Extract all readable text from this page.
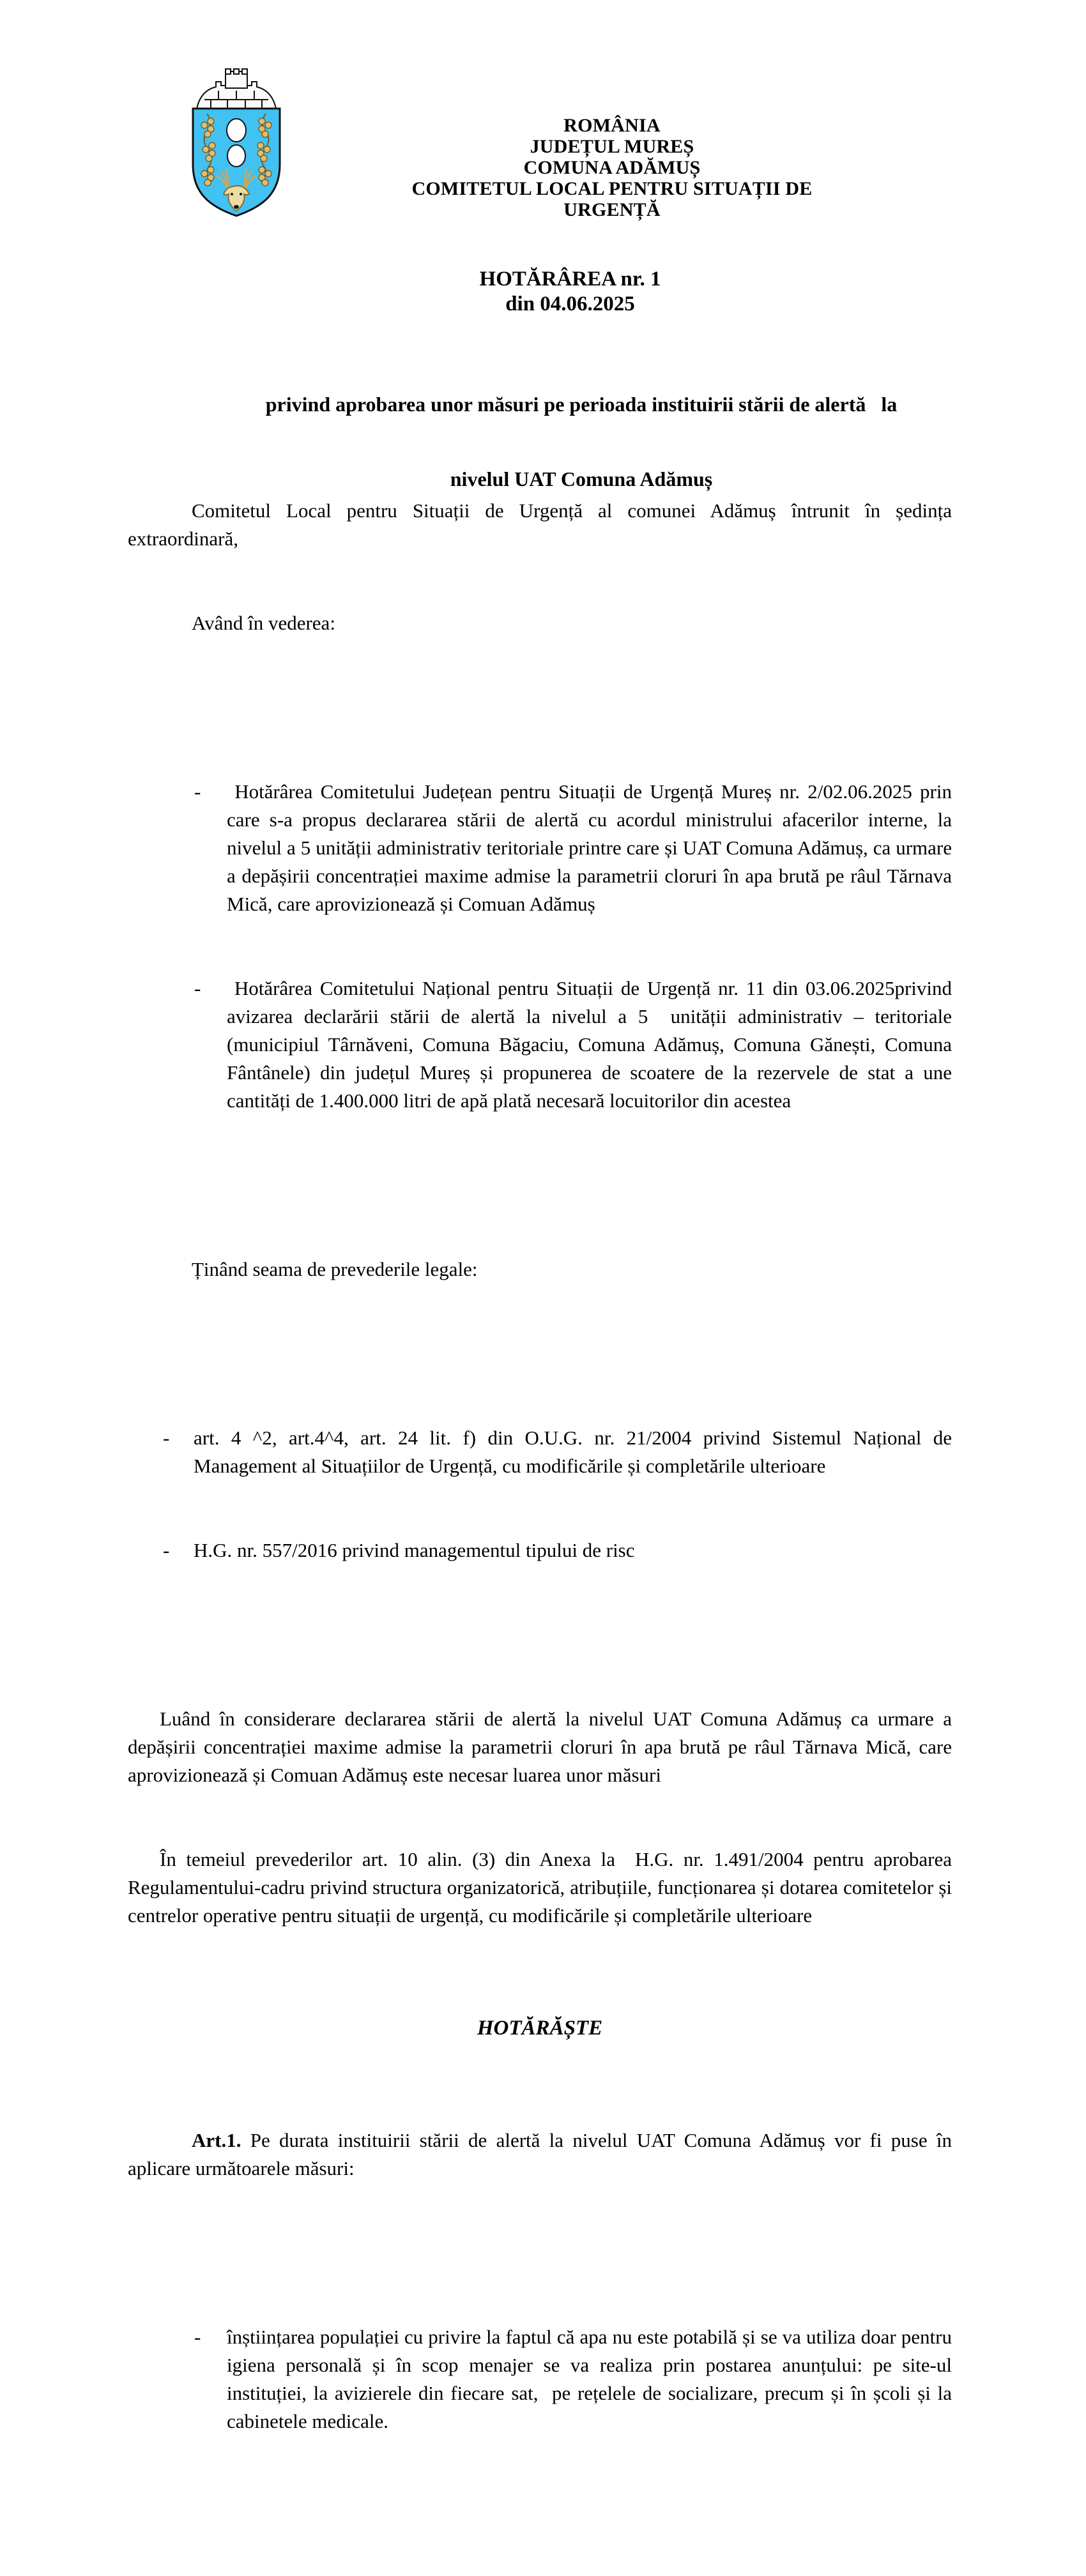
ROMÂNIA
JUDEȚUL MUREȘ
COMUNA ADĂMUȘ
COMITETUL LOCAL PENTRU SITUAȚII DE
URGENȚĂ
HOTĂRÂREA nr. 1
din 04.06.2025

privind aprobarea unor măsuri pe perioada instituirii stării de alertă   la

nivelul UAT Comuna Adămuș

Comitetul Local pentru Situații de Urgență al comunei Adămuș întrunit în ședința extraordinară,

Având în vederea:

-  Hotărârea Comitetului Județean pentru Situații de Urgență Mureș nr. 2/02.06.2025 prin care s-a propus declararea stării de alertă cu acordul ministrului afacerilor interne, la nivelul a 5 unității administrativ teritoriale printre care și UAT Comuna Adămuș, ca urmare a depășirii concentrației maxime admise la parametrii cloruri în apa brută pe râul Tărnava Mică, care aprovizionează și Comuan Adămuș

-  Hotărârea Comitetului Național pentru Situații de Urgență nr. 11 din 03.06.2025privind avizarea declarării stării de alertă la nivelul a 5  unității administrativ – teritoriale (municipiul Târnăveni, Comuna Băgaciu, Comuna Adămuș, Comuna Gănești, Comuna Fântânele) din județul Mureș și propunerea de scoatere de la rezervele de stat a une cantități de 1.400.000 litri de apă plată necesară locuitorilor din acestea

Ținând seama de prevederile legale:

- art. 4 ^2, art.4^4, art. 24 lit. f) din O.U.G. nr. 21/2004 privind Sistemul Național de Management al Situațiilor de Urgență, cu modificările și completările ulterioare

- H.G. nr. 557/2016 privind managementul tipului de risc

Luând în considerare declararea stării de alertă la nivelul UAT Comuna Adămuș ca urmare a depășirii concentrației maxime admise la parametrii cloruri în apa brută pe râul Tărnava Mică, care aprovizionează și Comuan Adămuș este necesar luarea unor măsuri

În temeiul prevederilor art. 10 alin. (3) din Anexa la  H.G. nr. 1.491/2004 pentru aprobarea Regulamentului-cadru privind structura organizatorică, atribuțiile, funcționarea și dotarea comitetelor și centrelor operative pentru situații de urgență, cu modificările și completările ulterioare

HOTĂRĂȘTE

Art.1. Pe durata instituirii stării de alertă la nivelul UAT Comuna Adămuș vor fi puse în aplicare următoarele măsuri:

- înștiințarea populației cu privire la faptul că apa nu este potabilă și se va utiliza doar pentru igiena personală și în scop menajer se va realiza prin postarea anunțului: pe site-ul instituției, la avizierele din fiecare sat,  pe rețelele de socializare, precum și în școli și la cabinetele medicale.
